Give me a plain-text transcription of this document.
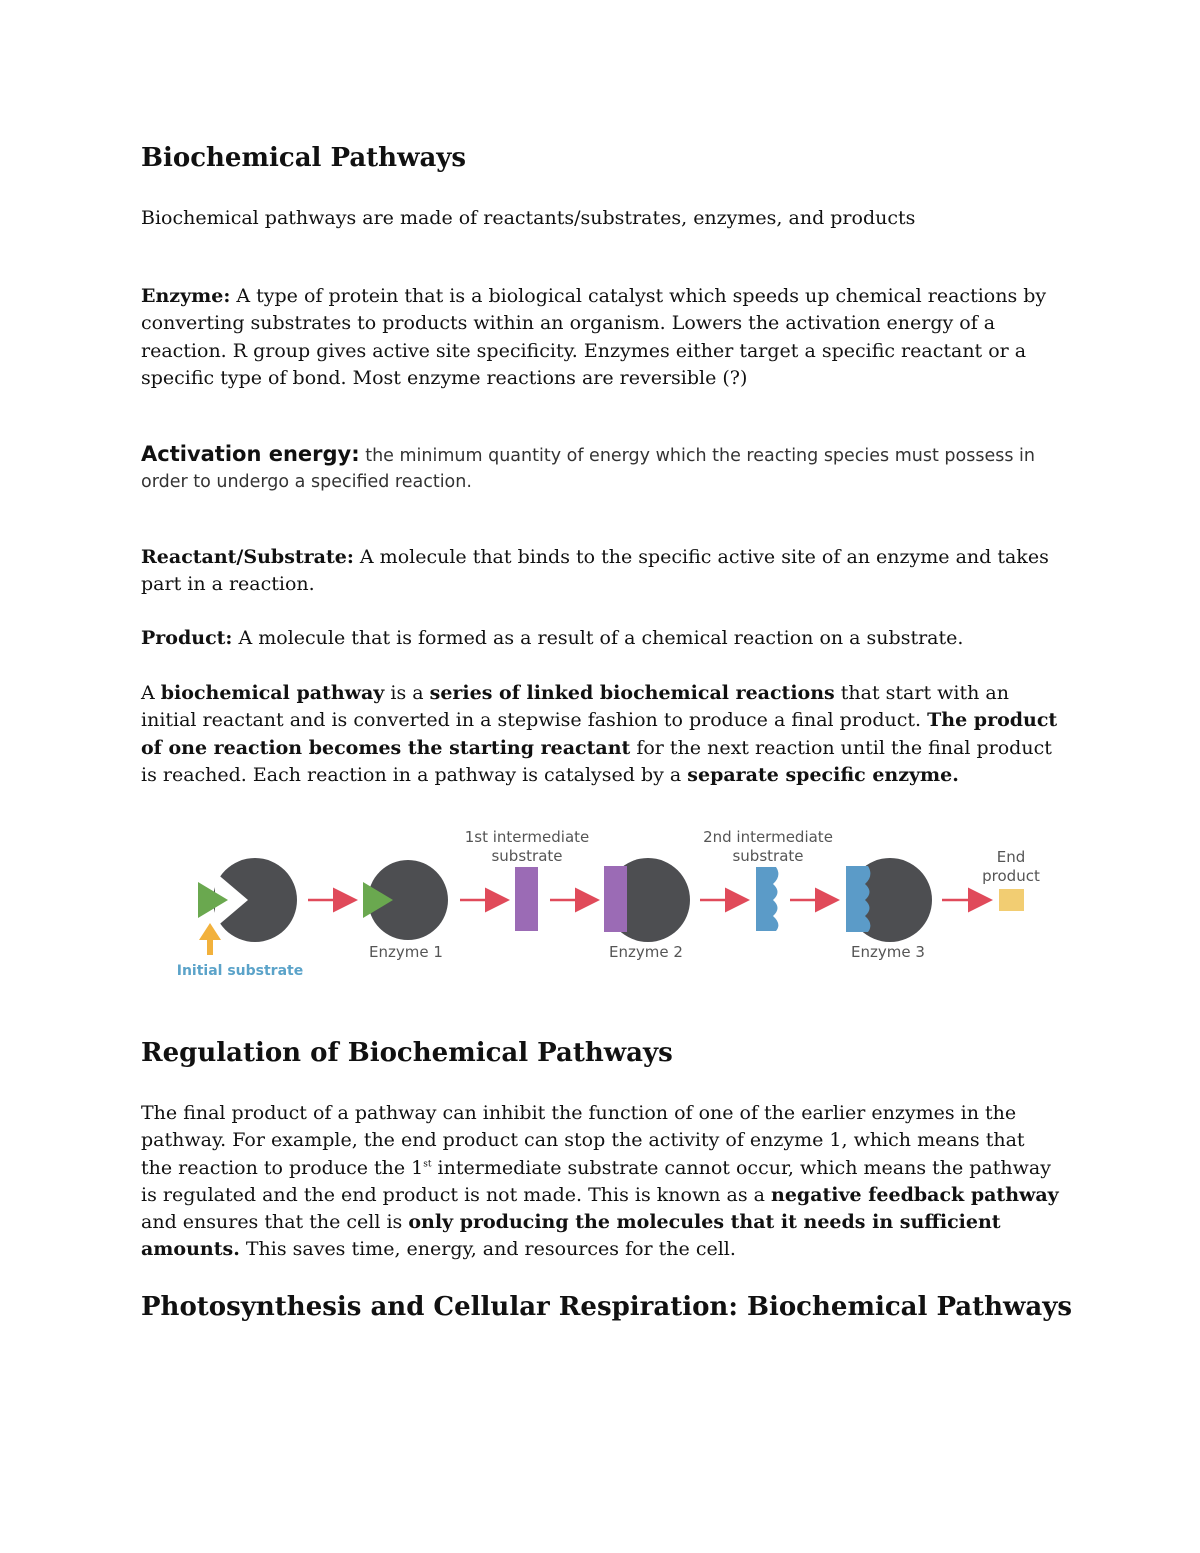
Biochemical Pathways
Biochemical pathways are made of reactants/substrates, enzymes, and products
Enzyme: A type of protein that is a biological catalyst which speeds up chemical reactions by converting substrates to products within an organism. Lowers the activation energy of a reaction. R group gives active site specificity. Enzymes either target a specific reactant or a specific type of bond. Most enzyme reactions are reversible (?)
Activation energy: the minimum quantity of energy which the reacting species must possess in order to undergo a specified reaction.
Reactant/Substrate: A molecule that binds to the specific active site of an enzyme and takes part in a reaction.
Product: A molecule that is formed as a result of a chemical reaction on a substrate.
A biochemical pathway is a series of linked biochemical reactions that start with an initial reactant and is converted in a stepwise fashion to produce a final product. The product of one reaction becomes the starting reactant for the next reaction until the final product is reached. Each reaction in a pathway is catalysed by a separate specific enzyme.
Initial substrate
Enzyme 1
1st intermediate
substrate
Enzyme 2
2nd intermediate
substrate
Enzyme 3
End
product
Regulation of Biochemical Pathways
The final product of a pathway can inhibit the function of one of the earlier enzymes in the pathway. For example, the end product can stop the activity of enzyme 1, which means that the reaction to produce the 1st intermediate substrate cannot occur, which means the pathway is regulated and the end product is not made. This is known as a negative feedback pathway and ensures that the cell is only producing the molecules that it needs in sufficient amounts. This saves time, energy, and resources for the cell.
Photosynthesis and Cellular Respiration: Biochemical Pathways
